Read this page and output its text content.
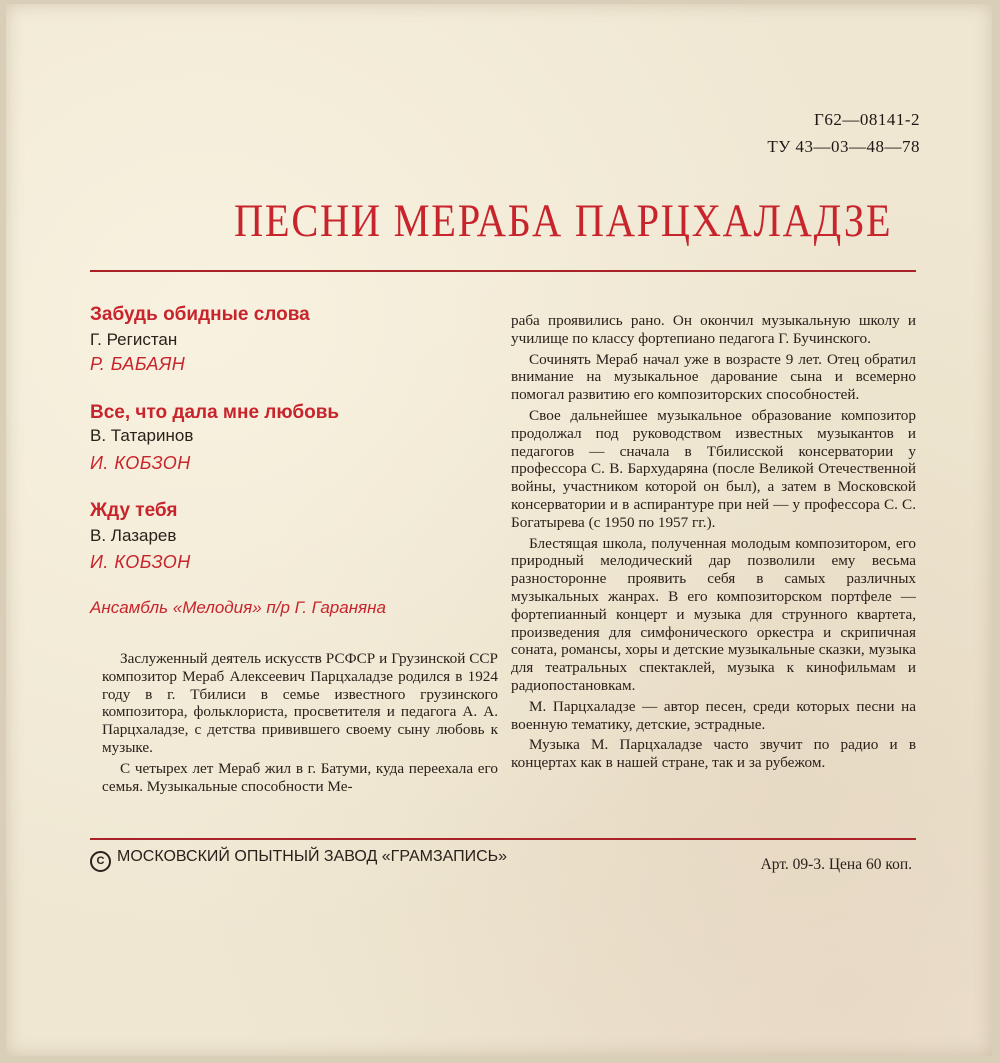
Г62—08141-2
ТУ 43—03—48—78
ПЕСНИ МЕРАБА ПАРЦХАЛАДЗЕ
Забудь обидные слова
Г. Регистан
Р. БАБАЯН
Все, что дала мне любовь
В. Татаринов
И. КОБЗОН
Жду тебя
В. Лазарев
И. КОБЗОН
Ансамбль «Мелодия» п/р Г. Гараняна

Заслуженный деятель искусств РСФСР и Грузинской ССР композитор Мераб Алексеевич Парцхаладзе родился в 1924 году в г. Тбилиси в семье известного грузинского композитора, фольклориста, просветителя и педагога А. А. Парцхаладзе, с детства привившего своему сыну любовь к музыке.

С четырех лет Мераб жил в г. Батуми, куда переехала его семья. Музыкальные способности Ме-

раба проявились рано. Он окончил музыкальную школу и училище по классу фортепиано педагога Г. Бучинского.

Сочинять Мераб начал уже в возрасте 9 лет. Отец обратил внимание на музыкальное дарование сына и всемерно помогал развитию его композиторских способностей.

Свое дальнейшее музыкальное образование композитор продолжал под руководством известных музыкантов и педагогов — сначала в Тбилисской консерватории у профессора С. В. Бархударяна (после Великой Отечественной войны, участником которой он был), а затем в Московской консерватории и в аспирантуре при ней — у профессора С. С. Богатырева (с 1950 по 1957 гг.).

Блестящая школа, полученная молодым композитором, его природный мелодический дар позволили ему весьма разносторонне проявить себя в самых различных музыкальных жанрах. В его композиторском портфеле — фортепианный концерт и музыка для струнного квартета, произведения для симфонического оркестра и скрипичная соната, романсы, хоры и детские музыкальные сказки, музыка для театральных спектаклей, музыка к кинофильмам и радиопостановкам.

М. Парцхаладзе — автор песен, среди которых песни на военную тематику, детские, эстрадные.

Музыка М. Парцхаладзе часто звучит по радио и в концертах как в нашей стране, так и за рубежом.

C МОСКОВСКИЙ ОПЫТНЫЙ ЗАВОД «ГРАМЗАПИСЬ»	Арт. 09-3. Цена 60 коп.
